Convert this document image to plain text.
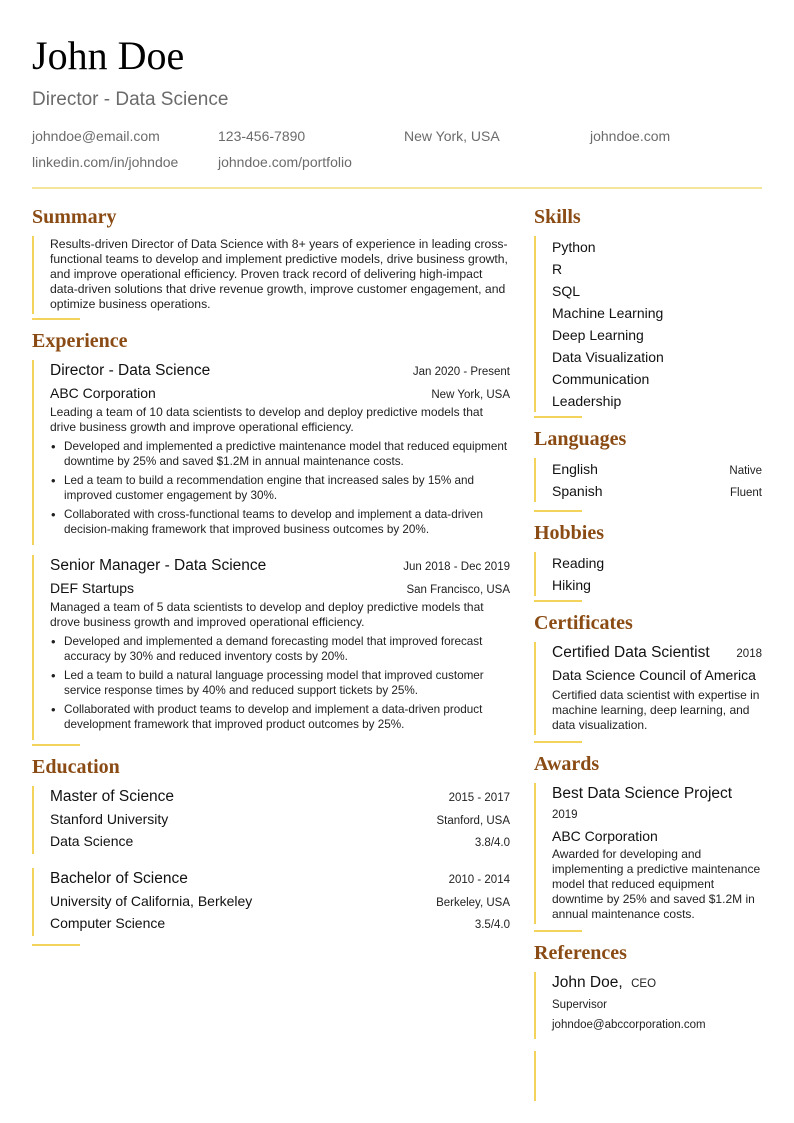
John Doe
Director - Data Science
johndoe@email.com	123-456-7890	New York, USA	johndoe.com
linkedin.com/in/johndoe	johndoe.com/portfolio
Summary
Results-driven Director of Data Science with 8+ years of experience in leading cross-functional teams to develop and implement predictive models, drive business growth, and improve operational efficiency. Proven track record of delivering high-impact data-driven solutions that drive revenue growth, improve customer engagement, and optimize business operations.
Experience
Director - Data Science	Jan 2020 - Present
ABC Corporation	New York, USA
Leading a team of 10 data scientists to develop and deploy predictive models that drive business growth and improve operational efficiency.
• Developed and implemented a predictive maintenance model that reduced equipment downtime by 25% and saved $1.2M in annual maintenance costs.
• Led a team to build a recommendation engine that increased sales by 15% and improved customer engagement by 30%.
• Collaborated with cross-functional teams to develop and implement a data-driven decision-making framework that improved business outcomes by 20%.
Senior Manager - Data Science	Jun 2018 - Dec 2019
DEF Startups	San Francisco, USA
Managed a team of 5 data scientists to develop and deploy predictive models that drove business growth and improved operational efficiency.
• Developed and implemented a demand forecasting model that improved forecast accuracy by 30% and reduced inventory costs by 20%.
• Led a team to build a natural language processing model that improved customer service response times by 40% and reduced support tickets by 25%.
• Collaborated with product teams to develop and implement a data-driven product development framework that improved product outcomes by 25%.
Education
Master of Science	2015 - 2017
Stanford University	Stanford, USA
Data Science	3.8/4.0
Bachelor of Science	2010 - 2014
University of California, Berkeley	Berkeley, USA
Computer Science	3.5/4.0
Skills
Python
R
SQL
Machine Learning
Deep Learning
Data Visualization
Communication
Leadership
Languages
English	Native
Spanish	Fluent
Hobbies
Reading
Hiking
Certificates
Certified Data Scientist 2018
Data Science Council of America
Certified data scientist with expertise in machine learning, deep learning, and data visualization.
Awards
Best Data Science Project
2019
ABC Corporation
Awarded for developing and implementing a predictive maintenance model that reduced equipment downtime by 25% and saved $1.2M in annual maintenance costs.
References
John Doe, CEO
Supervisor
johndoe@abccorporation.com
